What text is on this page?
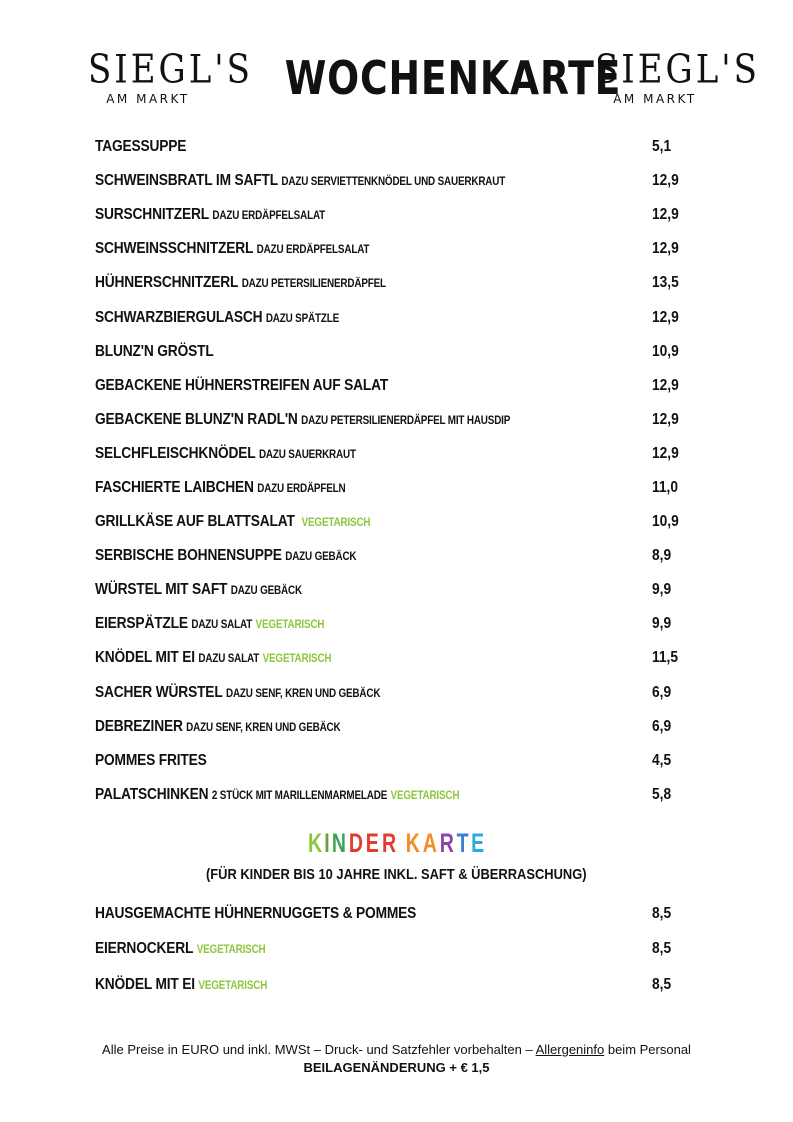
SIEGL'S
AM MARKT	WOCHENKARTE
SIEGL'S
AM MARKT
TAGESSUPPE	5,1
SCHWEINSBRATL IM SAFTL DAZU SERVIETTENKNÖDEL UND SAUERKRAUT	12,9
SURSCHNITZERL DAZU ERDÄPFELSALAT	12,9
SCHWEINSSCHNITZERL DAZU ERDÄPFELSALAT	12,9
HÜHNERSCHNITZERL DAZU PETERSILIENERDÄPFEL	13,5
SCHWARZBIERGULASCH DAZU SPÄTZLE	12,9
BLUNZ'N GRÖSTL	10,9
GEBACKENE HÜHNERSTREIFEN AUF SALAT	12,9
GEBACKENE BLUNZ'N RADL'N DAZU PETERSILIENERDÄPFEL MIT HAUSDIP	12,9
SELCHFLEISCHKNÖDEL DAZU SAUERKRAUT	12,9
FASCHIERTE LAIBCHEN DAZU ERDÄPFELN	11,0
GRILLKÄSE AUF BLATTSALAT VEGETARISCH	10,9
SERBISCHE BOHNENSUPPE DAZU GEBÄCK	8,9
WÜRSTEL MIT SAFT DAZU GEBÄCK	9,9
EIERSPÄTZLE DAZU SALAT VEGETARISCH	9,9
KNÖDEL MIT EI DAZU SALAT VEGETARISCH	11,5
SACHER WÜRSTEL DAZU SENF, KREN UND GEBÄCK	6,9
DEBREZINER DAZU SENF, KREN UND GEBÄCK	6,9
POMMES FRITES	4,5
PALATSCHINKEN 2 STÜCK MIT MARILLENMARMELADE VEGETARISCH	5,8
KINDER KARTE
(FÜR KINDER BIS 10 JAHRE INKL. SAFT & ÜBERRASCHUNG)
HAUSGEMACHTE HÜHNERNUGGETS & POMMES	8,5
EIERNOCKERL VEGETARISCH	8,5
KNÖDEL MIT EI VEGETARISCH	8,5
Alle Preise in EURO und inkl. MWSt – Druck- und Satzfehler vorbehalten – Allergeninfo beim Personal
BEILAGENÄNDERUNG + € 1,5
